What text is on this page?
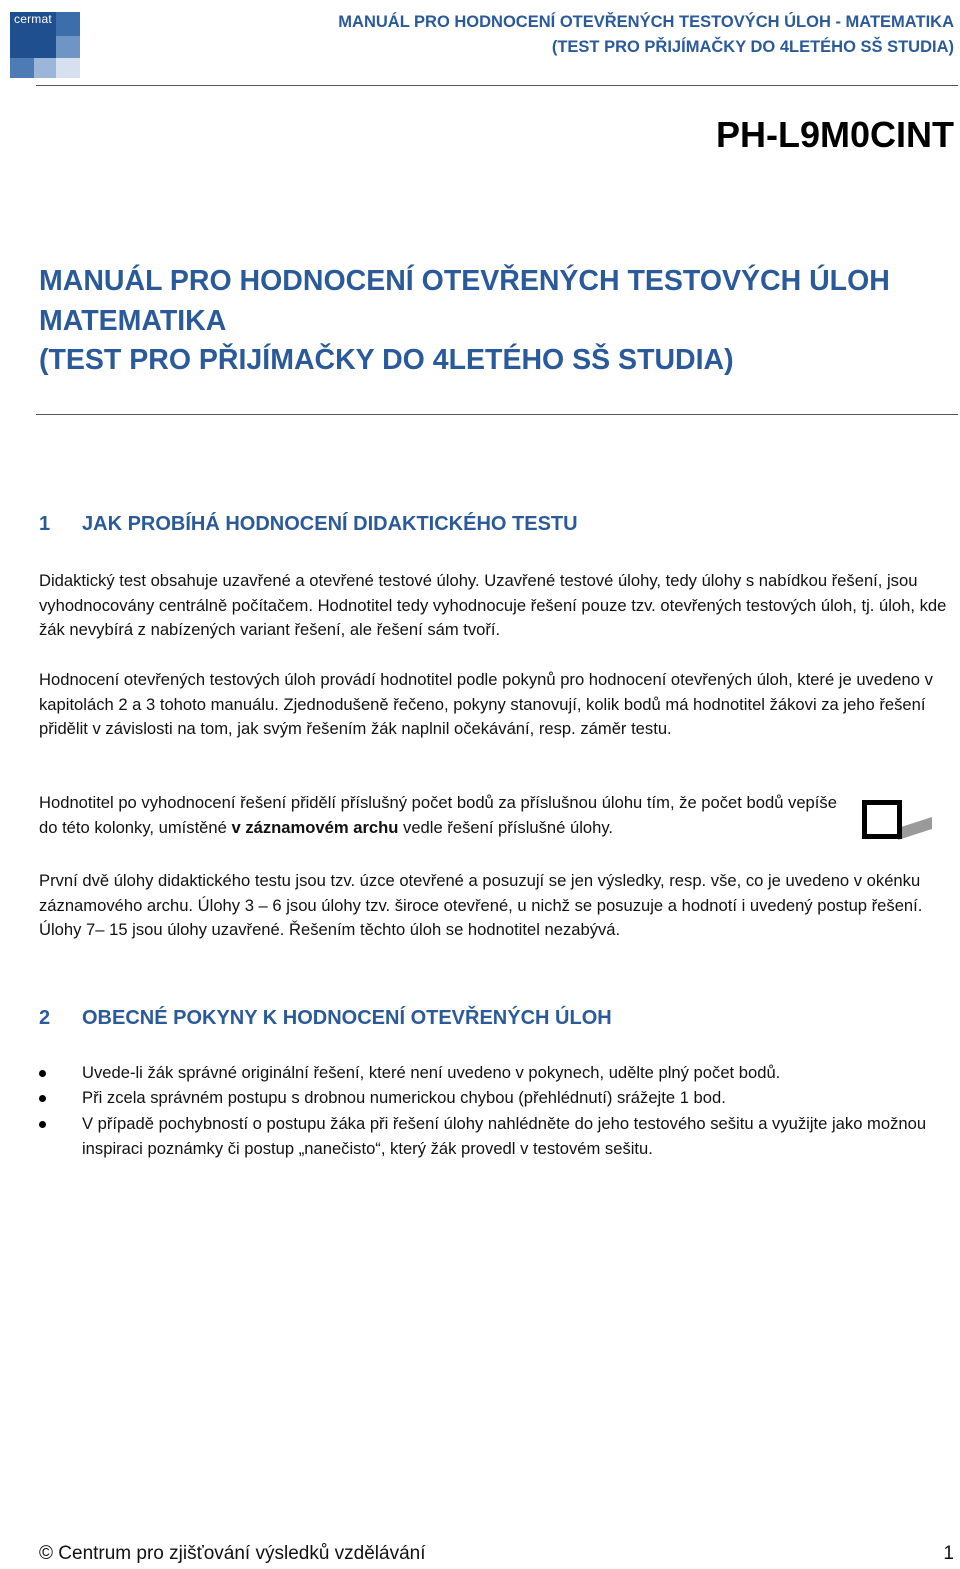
cermat	MANUÁL PRO HODNOCENÍ OTEVŘENÝCH TESTOVÝCH ÚLOH - MATEMATIKA
(TEST PRO PŘIJÍMAČKY DO 4LETÉHO SŠ STUDIA)
PH-L9M0CINT
MANUÁL PRO HODNOCENÍ OTEVŘENÝCH TESTOVÝCH ÚLOH
MATEMATIKA
(TEST PRO PŘIJÍMAČKY DO 4LETÉHO SŠ STUDIA)
1 JAK PROBÍHÁ HODNOCENÍ DIDAKTICKÉHO TESTU
Didaktický test obsahuje uzavřené a otevřené testové úlohy. Uzavřené testové úlohy, tedy úlohy s nabídkou řešení, jsou vyhodnocovány centrálně počítačem. Hodnotitel tedy vyhodnocuje řešení pouze tzv. otevřených testových úloh, tj. úloh, kde žák nevybírá z nabízených variant řešení, ale řešení sám tvoří.
Hodnocení otevřených testových úloh provádí hodnotitel podle pokynů pro hodnocení otevřených úloh, které je uvedeno v kapitolách 2 a 3 tohoto manuálu. Zjednodušeně řečeno, pokyny stanovují, kolik bodů má hodnotitel žákovi za jeho řešení přidělit v závislosti na tom, jak svým řešením žák naplnil očekávání, resp. záměr testu.
Hodnotitel po vyhodnocení řešení přidělí příslušný počet bodů za příslušnou úlohu tím, že počet bodů vepíše do této kolonky, umístěné v záznamovém archu vedle řešení příslušné úlohy.
První dvě úlohy didaktického testu jsou tzv. úzce otevřené a posuzují se jen výsledky, resp. vše, co je uvedeno v okénku záznamového archu. Úlohy 3 – 6 jsou úlohy tzv. široce otevřené, u nichž se posuzuje a hodnotí i uvedený postup řešení. Úlohy 7– 15 jsou úlohy uzavřené. Řešením těchto úloh se hodnotitel nezabývá.
2 OBECNÉ POKYNY K HODNOCENÍ OTEVŘENÝCH ÚLOH
Uvede-li žák správné originální řešení, které není uvedeno v pokynech, udělte plný počet bodů.
Při zcela správném postupu s drobnou numerickou chybou (přehlédnutí) srážejte 1 bod.
V případě pochybností o postupu žáka při řešení úlohy nahlédněte do jeho testového sešitu a využijte jako možnou inspiraci poznámky či postup „nanečisto“, který žák provedl v testovém sešitu.
© Centrum pro zjišťování výsledků vzdělávání	1
